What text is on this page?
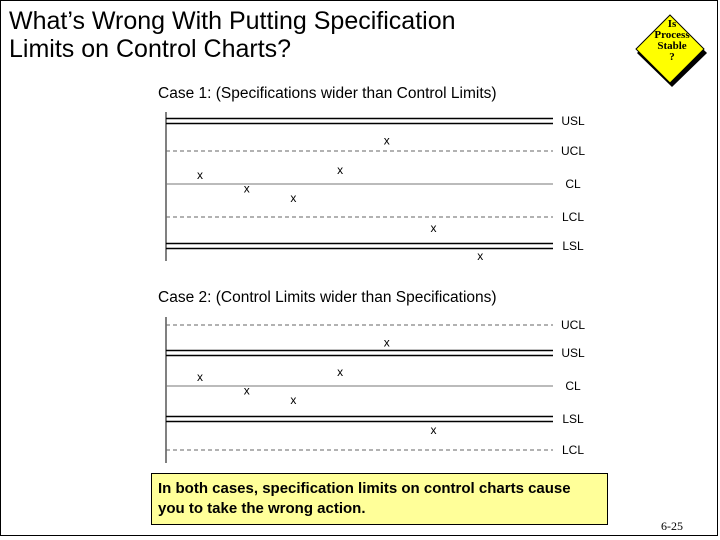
What’s Wrong With Putting Specification
Limits on Control Charts?
Is
Process
Stable
?
Case 1: (Specifications wider than Control Limits)
Case 2: (Control Limits wider than Specifications)
USL
UCL
CL
LCL
LSL
x
x
x
x
x
x
x
UCL
USL
CL
LSL
LCL
x
x
x
x
x
x
In both cases, specification limits on control charts cause you to take the wrong action.
6-25
